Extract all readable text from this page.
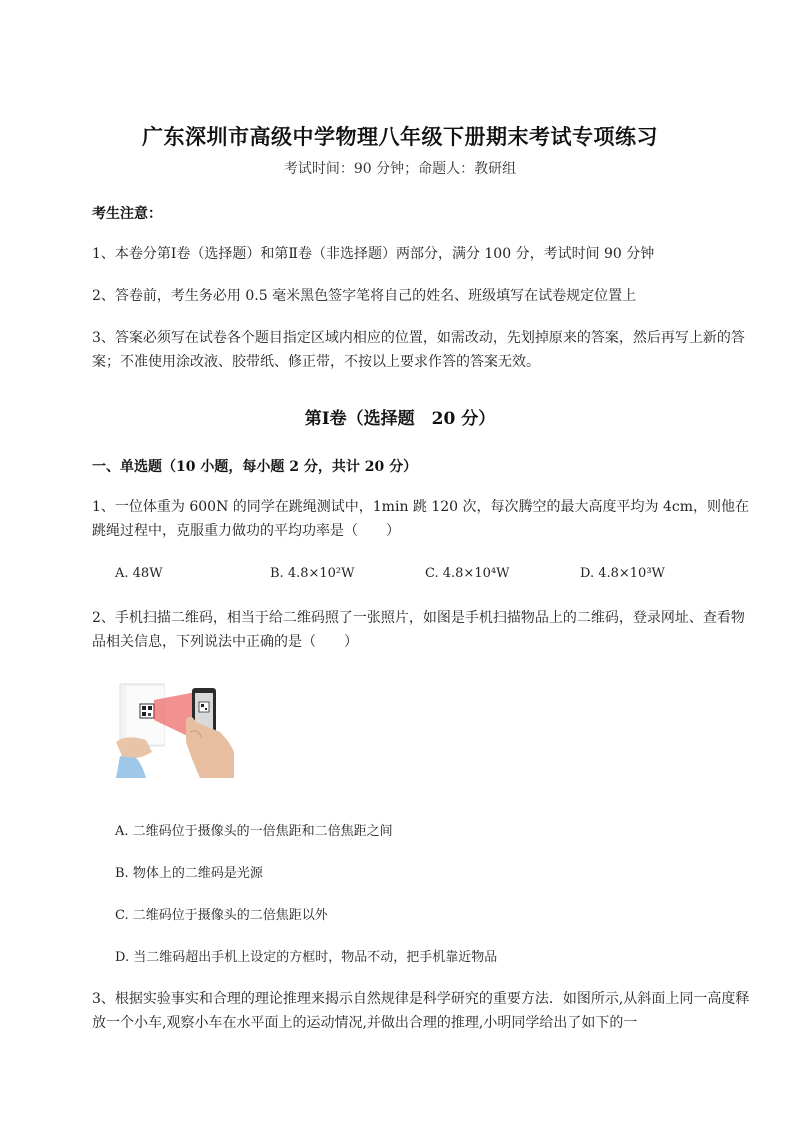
广东深圳市高级中学物理八年级下册期末考试专项练习
考试时间：90 分钟；命题人：教研组
考生注意：
1、本卷分第Ⅰ卷（选择题）和第Ⅱ卷（非选择题）两部分，满分 100 分，考试时间 90 分钟
2、答卷前，考生务必用 0.5 毫米黑色签字笔将自己的姓名、班级填写在试卷规定位置上
3、答案必须写在试卷各个题目指定区域内相应的位置，如需改动，先划掉原来的答案，然后再写上新的答案；不准使用涂改液、胶带纸、修正带，不按以上要求作答的答案无效。
第Ⅰ卷（选择题　20 分）
一、单选题（10 小题，每小题 2 分，共计 20 分）
1、一位体重为 600N 的同学在跳绳测试中，1min 跳 120 次，每次腾空的最大高度平均为 4cm，则他在跳绳过程中，克服重力做功的平均功率是（　　）
A. 48W	B. 4.8×10²W	C. 4.8×10⁴W	D. 4.8×10³W
2、手机扫描二维码，相当于给二维码照了一张照片，如图是手机扫描物品上的二维码，登录网址、查看物品相关信息，下列说法中正确的是（　　）
A. 二维码位于摄像头的一倍焦距和二倍焦距之间
B. 物体上的二维码是光源
C. 二维码位于摄像头的二倍焦距以外
D. 当二维码超出手机上设定的方框时，物品不动，把手机靠近物品
3、根据实验事实和合理的理论推理来揭示自然规律是科学研究的重要方法．如图所示,从斜面上同一高度释放一个小车,观察小车在水平面上的运动情况,并做出合理的推理,小明同学给出了如下的一
